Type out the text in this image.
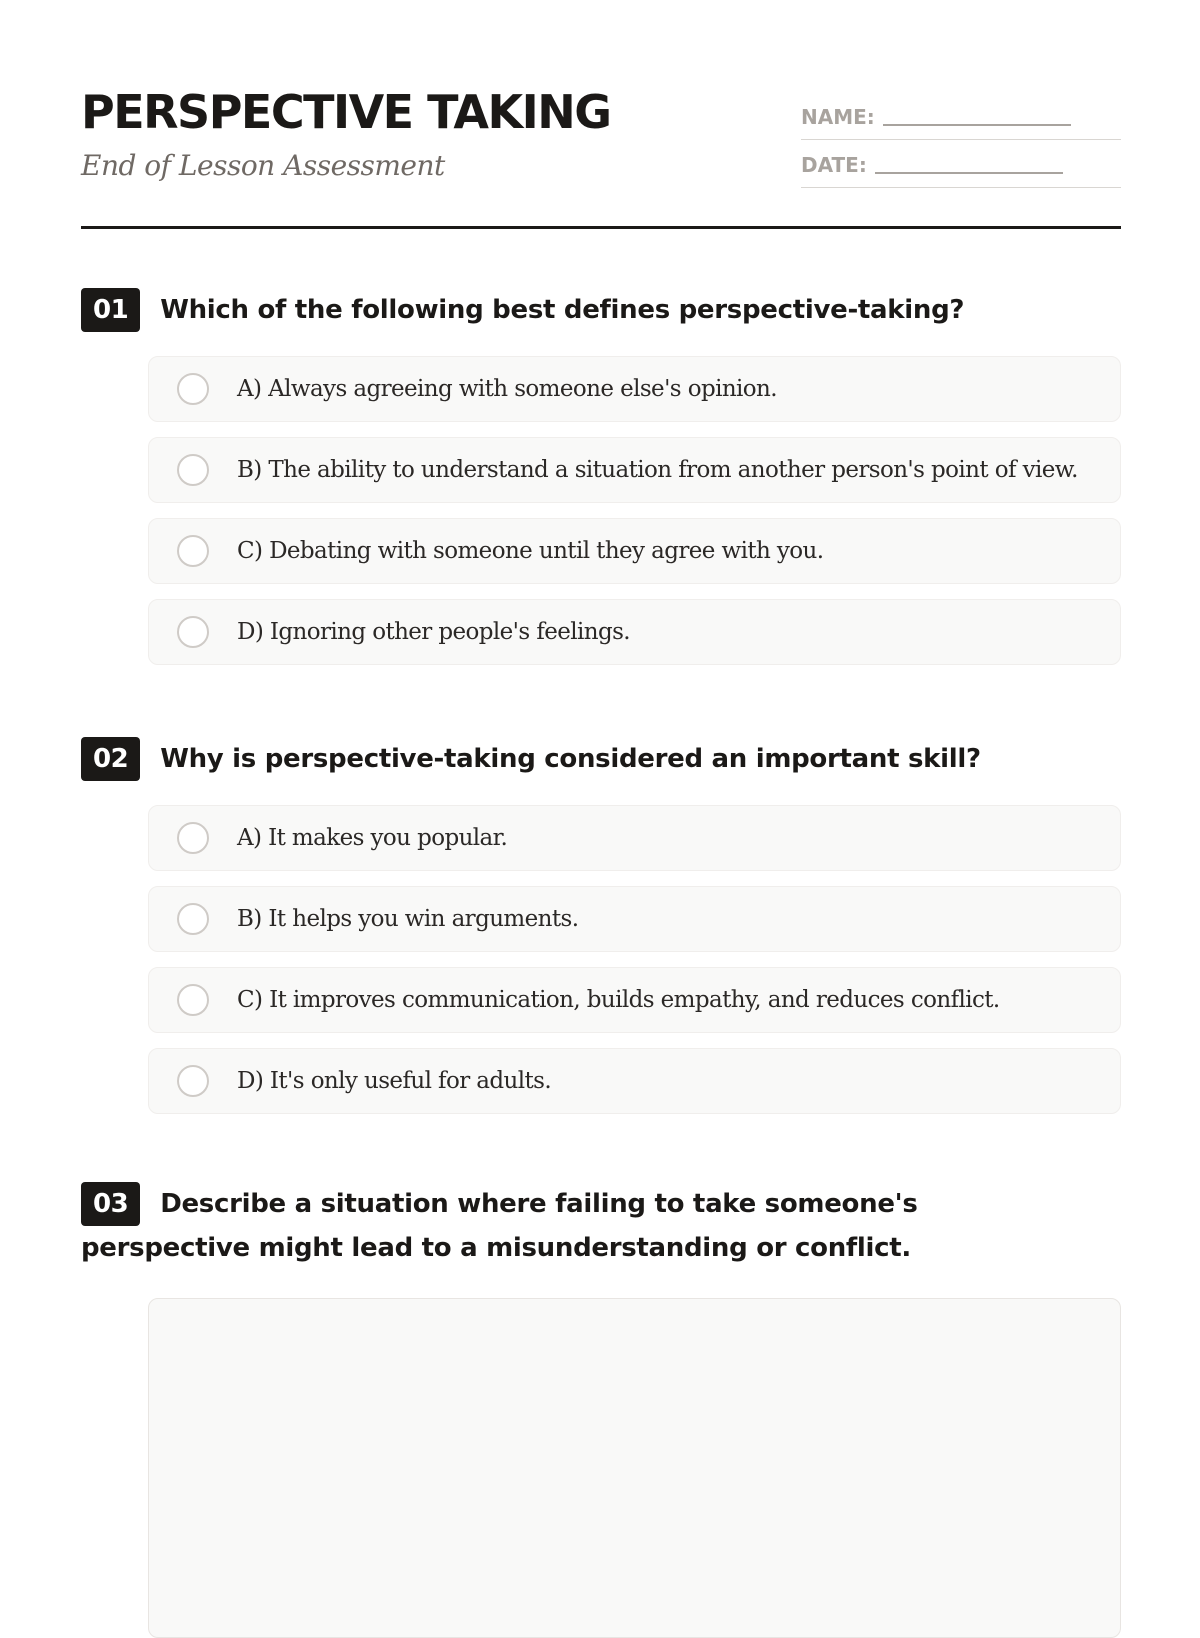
PERSPECTIVE TAKING

End of Lesson Assessment

NAME:
DATE:
01 Which of the following best defines perspective-taking?
A) Always agreeing with someone else's opinion.
B) The ability to understand a situation from another person's point of view.
C) Debating with someone until they agree with you.
D) Ignoring other people's feelings.
02 Why is perspective-taking considered an important skill?
A) It makes you popular.
B) It helps you win arguments.
C) It improves communication, builds empathy, and reduces conflict.
D) It's only useful for adults.
03 Describe a situation where failing to take someone's perspective might lead to a misunderstanding or conflict.
